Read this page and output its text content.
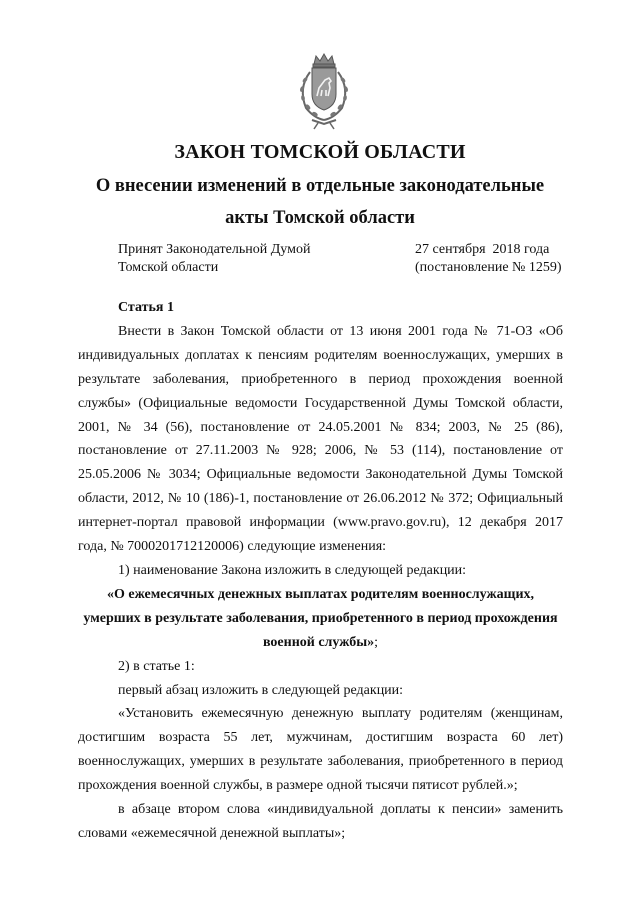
ЗАКОН ТОМСКОЙ ОБЛАСТИ
О внесении изменений в отдельные законодательные
акты Томской области
Принят Законодательной Думой
Томской области
27 сентября  2018 года
(постановление № 1259)

Статья 1

Внести в Закон Томской области от 13 июня 2001 года № 71-ОЗ «Об индивидуальных доплатах к пенсиям родителям военнослужащих, умерших в результате заболевания, приобретенного в период прохождения военной службы» (Официальные ведомости Государственной Думы Томской области, 2001, № 34 (56), постановление от 24.05.2001 № 834; 2003, № 25 (86), постановление от 27.11.2003 № 928; 2006, № 53 (114), постановление от 25.05.2006 № 3034; Официальные ведомости Законодательной Думы Томской области, 2012, № 10 (186)-1, постановление от 26.06.2012 № 372; Официальный интернет-портал правовой информации (www.pravo.gov.ru), 12 декабря 2017 года, № 7000201712120006) следующие изменения:

1) наименование Закона изложить в следующей редакции:

«О ежемесячных денежных выплатах родителям военнослужащих,

умерших в результате заболевания, приобретенного в период прохождения

военной службы»;

2) в статье 1:

первый абзац изложить в следующей редакции:

«Установить ежемесячную денежную выплату родителям (женщинам, достигшим возраста 55 лет, мужчинам, достигшим возраста 60 лет) военнослужащих, умерших в результате заболевания, приобретенного в период прохождения военной службы, в размере одной тысячи пятисот рублей.»;

в абзаце втором слова «индивидуальной доплаты к пенсии» заменить словами «ежемесячной денежной выплаты»;
